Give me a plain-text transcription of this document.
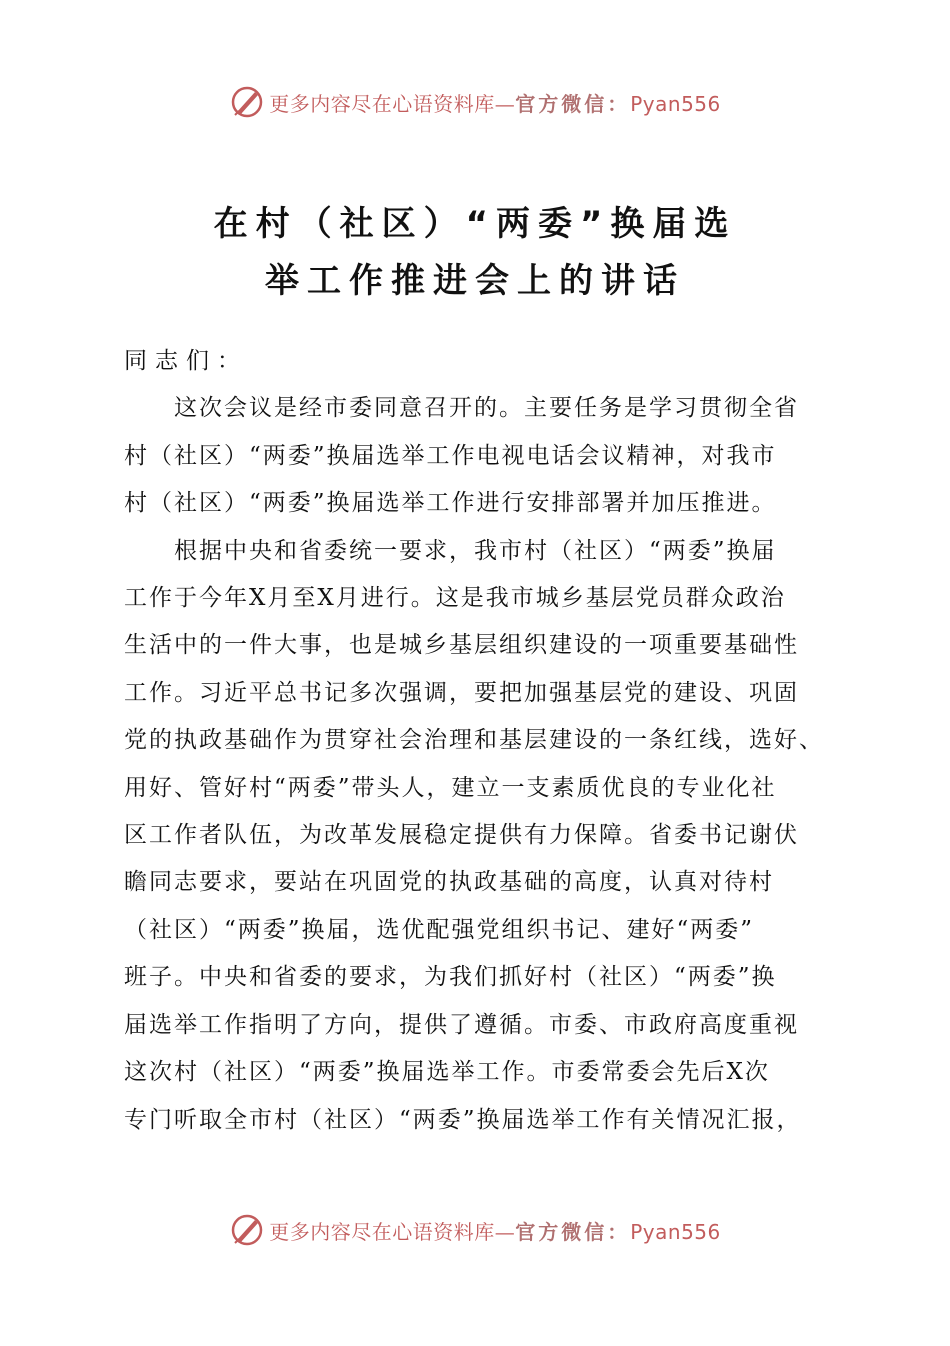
更多内容尽在心语资料库—官方微信：Pyan556
在村（社区）“两委”换届选
举工作推进会上的讲话
同志们：

这次会议是经市委同意召开的。主要任务是学习贯彻全省
村（社区）“两委”换届选举工作电视电话会议精神，对我市
村（社区）“两委”换届选举工作进行安排部署并加压推进。

根据中央和省委统一要求，我市村（社区）“两委”换届
工作于今年X月至X月进行。这是我市城乡基层党员群众政治
生活中的一件大事，也是城乡基层组织建设的一项重要基础性
工作。习近平总书记多次强调，要把加强基层党的建设、巩固
党的执政基础作为贯穿社会治理和基层建设的一条红线，选好、
用好、管好村“两委”带头人，建立一支素质优良的专业化社
区工作者队伍，为改革发展稳定提供有力保障。省委书记谢伏
瞻同志要求，要站在巩固党的执政基础的高度，认真对待村
（社区）“两委”换届，选优配强党组织书记、建好“两委”
班子。中央和省委的要求，为我们抓好村（社区）“两委”换
届选举工作指明了方向，提供了遵循。市委、市政府高度重视
这次村（社区）“两委”换届选举工作。市委常委会先后X次
专门听取全市村（社区）“两委”换届选举工作有关情况汇报，

更多内容尽在心语资料库—官方微信：Pyan556
